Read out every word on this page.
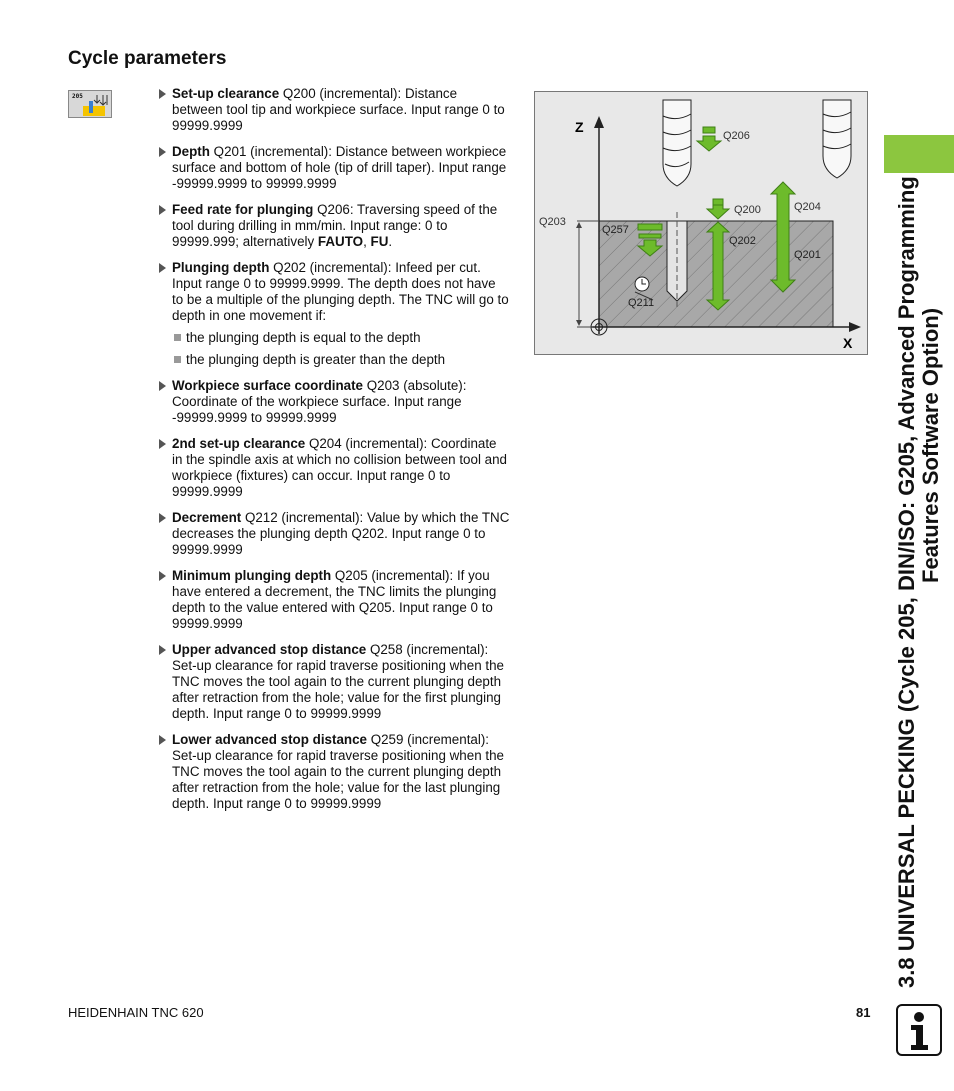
Cycle parameters
205	Set-up clearance Q200 (incremental): Distance between tool tip and workpiece surface. Input range 0 to 99999.9999
Depth Q201 (incremental): Distance between workpiece surface and bottom of hole (tip of drill taper). Input range -99999.9999 to 99999.9999
Feed rate for plunging Q206: Traversing speed of the tool during drilling in mm/min. Input range: 0 to 99999.999; alternatively FAUTO, FU.
Plunging depth Q202 (incremental): Infeed per cut. Input range 0 to 99999.9999. The depth does not have to be a multiple of the plunging depth. The TNC will go to depth in one movement if:
the plunging depth is equal to the depth
the plunging depth is greater than the depth
Workpiece surface coordinate Q203 (absolute): Coordinate of the workpiece surface. Input range -99999.9999 to 99999.9999
2nd set-up clearance Q204 (incremental): Coordinate in the spindle axis at which no collision between tool and workpiece (fixtures) can occur. Input range 0 to 99999.9999
Decrement Q212 (incremental): Value by which the TNC decreases the plunging depth Q202. Input range 0 to 99999.9999
Minimum plunging depth Q205 (incremental): If you have entered a decrement, the TNC limits the plunging depth to the value entered with Q205. Input range 0 to 99999.9999
Upper advanced stop distance Q258 (incremental): Set-up clearance for rapid traverse positioning when the TNC moves the tool again to the current plunging depth after retraction from the hole; value for the first plunging depth. Input range 0 to 99999.9999
Lower advanced stop distance Q259 (incremental): Set-up clearance for rapid traverse positioning when the TNC moves the tool again to the current plunging depth after retraction from the hole; value for the last plunging depth. Input range 0 to 99999.9999
Z
X
Q206
Q200	Q204
Q203
Q257
Q202
Q201
Q211	3.8 UNIVERSAL PECKING (Cycle 205, DIN/ISO: G205, Advanced Programming Features Software Option)
HEIDENHAIN TNC 620	81
